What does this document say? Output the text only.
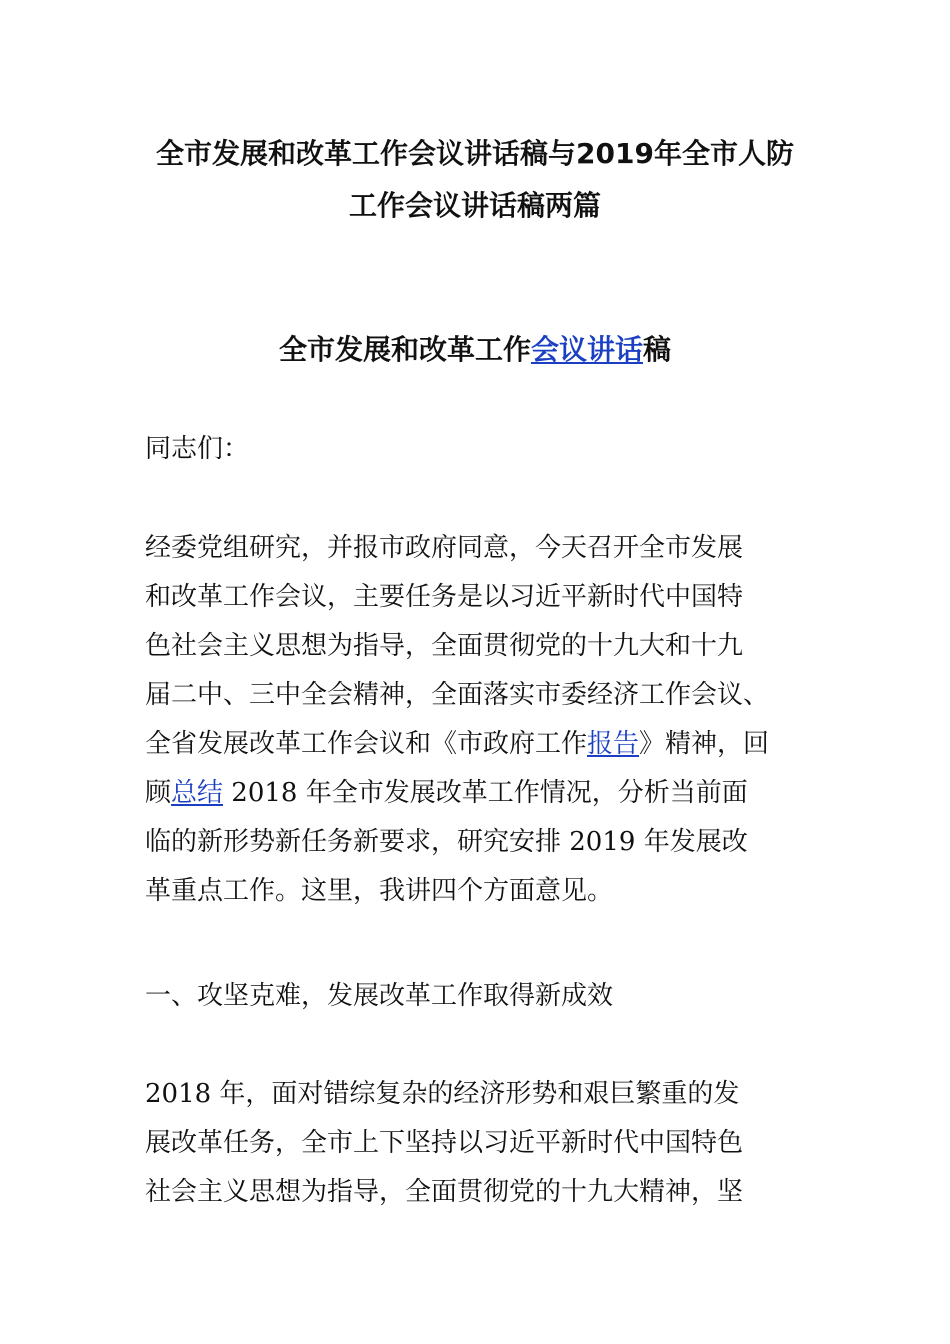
全市发展和改革工作会议讲话稿与2019年全市人防
工作会议讲话稿两篇
全市发展和改革工作会议讲话稿

同志们：

经委党组研究，并报市政府同意，今天召开全市发展
和改革工作会议，主要任务是以习近平新时代中国特
色社会主义思想为指导，全面贯彻党的十九大和十九
届二中、三中全会精神，全面落实市委经济工作会议、
全省发展改革工作会议和《市政府工作报告》精神，回
顾总结 2018 年全市发展改革工作情况，分析当前面
临的新形势新任务新要求，研究安排 2019 年发展改
革重点工作。这里，我讲四个方面意见。

一、攻坚克难，发展改革工作取得新成效

2018 年，面对错综复杂的经济形势和艰巨繁重的发
展改革任务，全市上下坚持以习近平新时代中国特色
社会主义思想为指导，全面贯彻党的十九大精神，坚
